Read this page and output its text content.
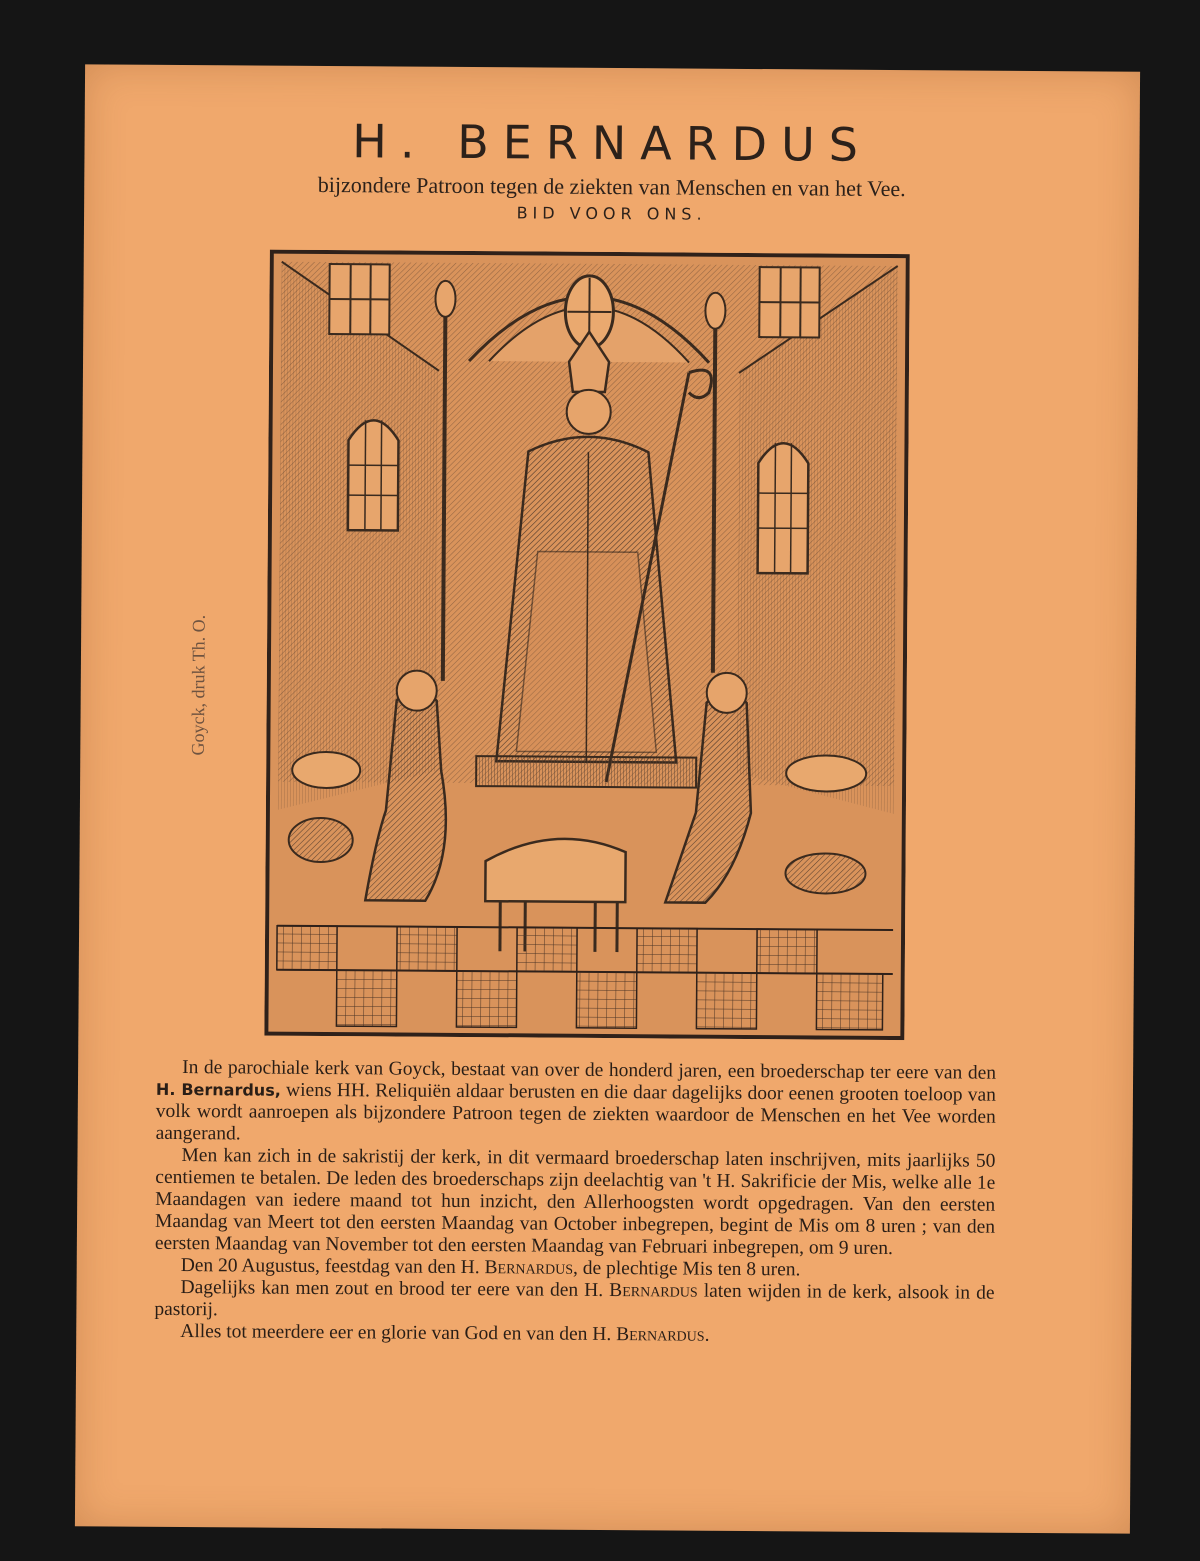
H. BERNARDUS

bijzondere Patroon tegen de ziekten van Menschen en van het Vee.

BID VOOR ONS.

Goyck, druk Th. O.

In de parochiale kerk van Goyck, bestaat van over de honderd jaren, een broederschap ter eere van den H. Bernardus, wiens HH. Reliquiën aldaar berusten en die daar dagelijks door eenen grooten toeloop van volk wordt aanroepen als bijzondere Patroon tegen de ziekten waardoor de Menschen en het Vee worden aangerand.

Men kan zich in de sakristij der kerk, in dit vermaard broederschap laten inschrijven, mits jaarlijks 50 centiemen te betalen. De leden des broederschaps zijn deelachtig van 't H. Sakrificie der Mis, welke alle 1e Maandagen van iedere maand tot hun inzicht, den Allerhoogsten wordt opgedragen. Van den eersten Maandag van Meert tot den eersten Maandag van October inbegrepen, begint de Mis om 8 uren ; van den eersten Maandag van November tot den eersten Maandag van Februari inbegrepen, om 9 uren.

Den 20 Augustus, feestdag van den H. Bernardus, de plechtige Mis ten 8 uren.

Dagelijks kan men zout en brood ter eere van den H. Bernardus laten wijden in de kerk, alsook in de pastorij.

Alles tot meerdere eer en glorie van God en van den H. Bernardus.
